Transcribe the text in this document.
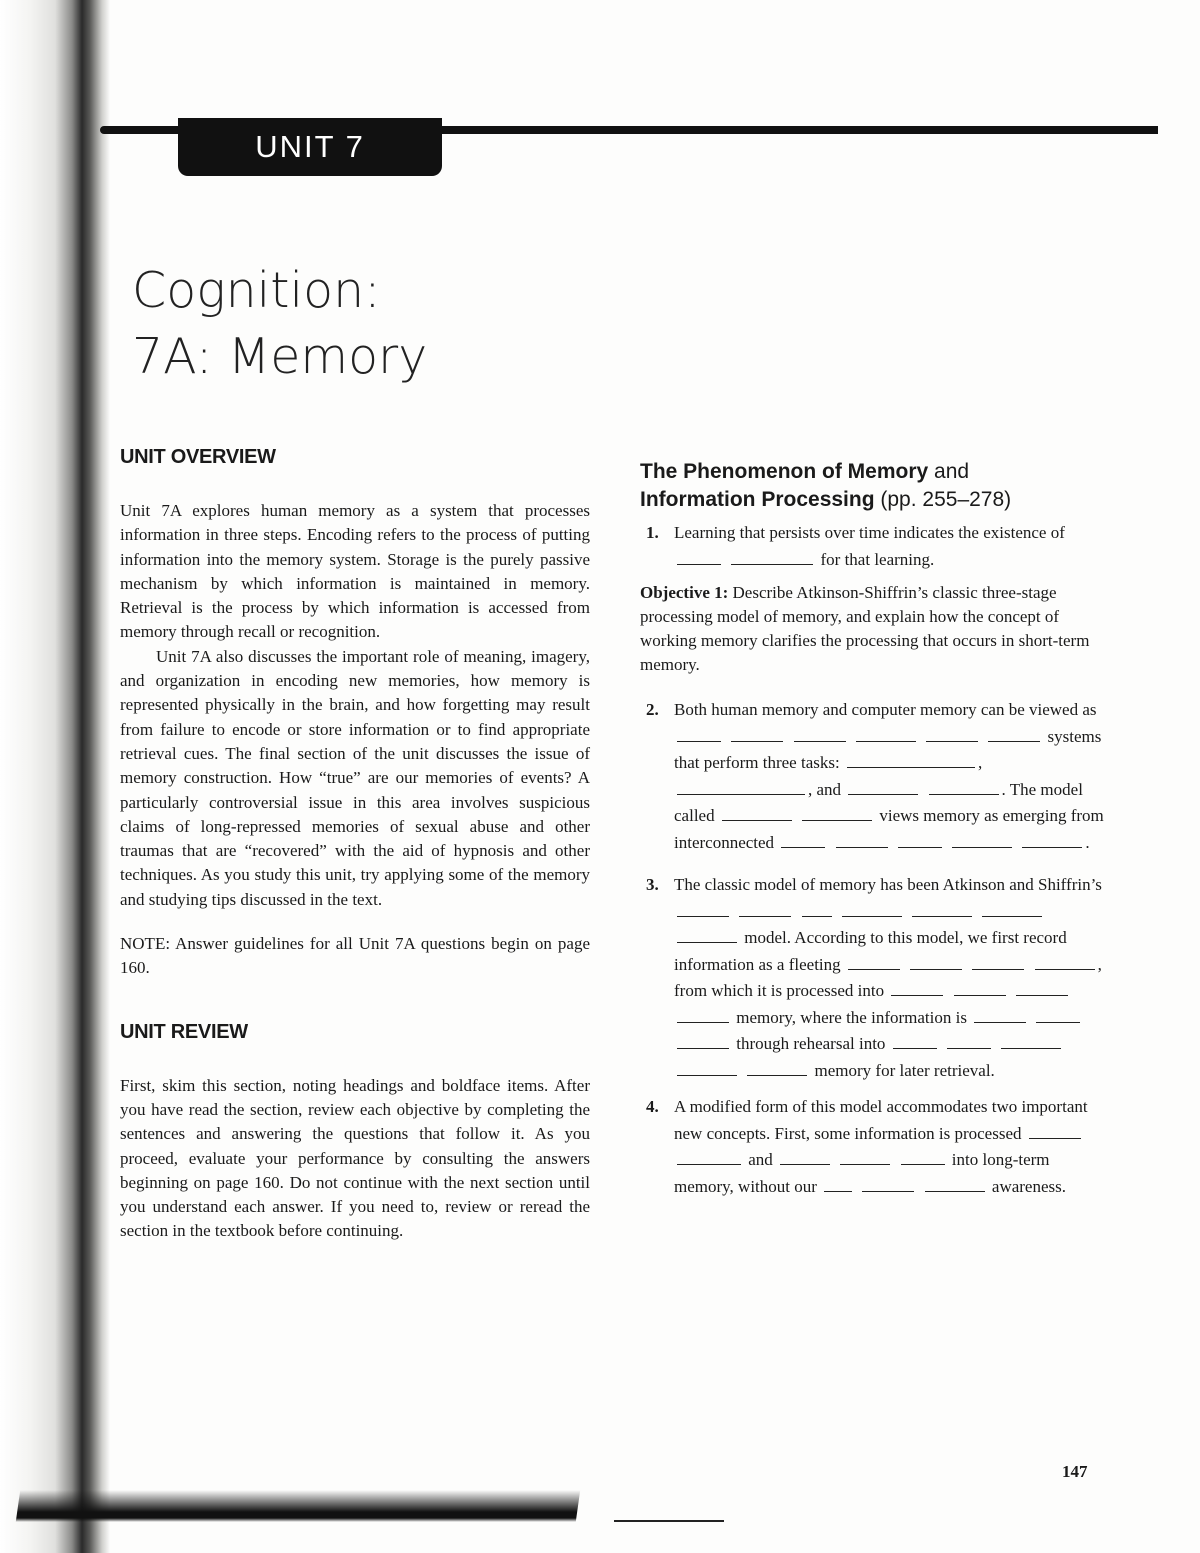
UNIT 7
Cognition:
7A: Memory
UNIT OVERVIEW

Unit 7A explores human memory as a system that processes information in three steps. Encoding refers to the process of putting information into the memory system. Storage is the purely passive mechanism by which information is maintained in memory. Retrieval is the process by which information is accessed from memory through recall or recognition.

Unit 7A also discusses the important role of meaning, imagery, and organization in encoding new memories, how memory is represented physically in the brain, and how forgetting may result from failure to encode or store information or to find appropriate retrieval cues. The final section of the unit discusses the issue of memory construction. How “true” are our memories of events? A particularly controversial issue in this area involves suspicious claims of long-repressed memories of sexual abuse and other traumas that are “recovered” with the aid of hypnosis and other techniques. As you study this unit, try applying some of the memory and studying tips discussed in the text.

NOTE: Answer guidelines for all Unit 7A questions begin on page 160.

UNIT REVIEW

First, skim this section, noting headings and boldface items. After you have read the section, review each objective by completing the sentences and answering the questions that follow it. As you proceed, evaluate your performance by consulting the answers beginning on page 160. Do not continue with the next section until you understand each answer. If you need to, review or reread the section in the textbook before continuing.

The Phenomenon of Memory and
Information Processing (pp. 255–278)

1. Learning that persists over time indicates the existence of   for that learning.

Objective 1: Describe Atkinson-Shiffrin’s classic three-stage processing model of memory, and explain how the concept of working memory clarifies the processing that occurs in short-term memory.

2. Both human memory and computer memory can be viewed as       systems that perform three tasks:	, , and	. The model called	views memory as emerging from interconnected	.

3. The classic model of memory has been Atkinson and Shiffrin’s        model. According to this model, we first record information as a fleeting	, from which it is processed into     memory, where the information is    through rehearsal into      memory for later retrieval.

4. A modified form of this model accommodates two important new concepts. First, some information is processed   and	into long-term memory, without our	awareness.

147
